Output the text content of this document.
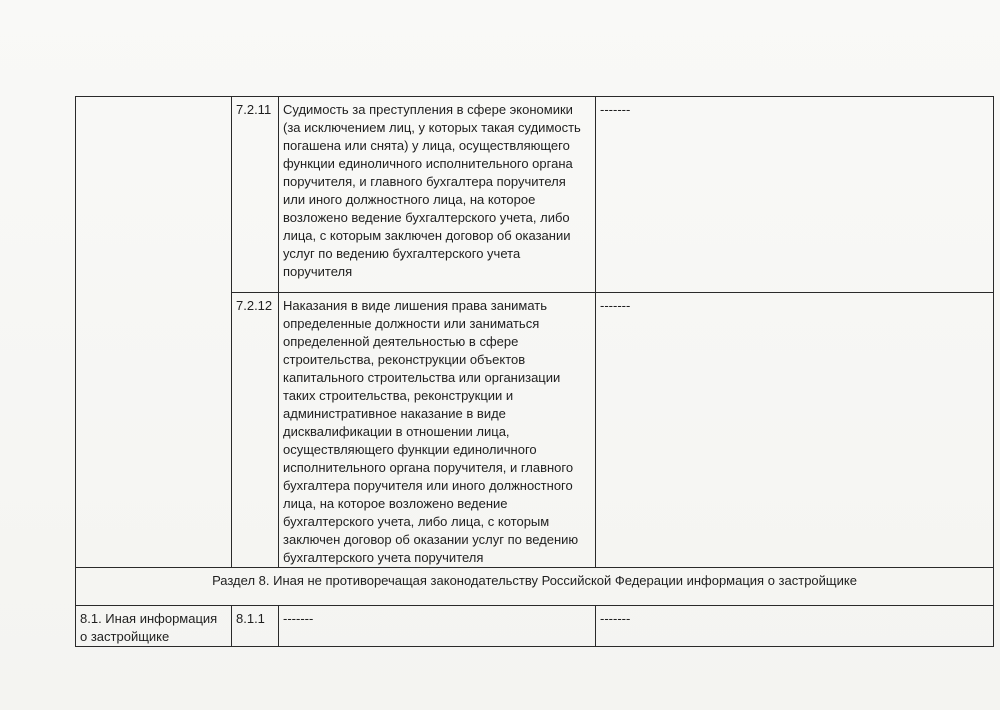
	7.2.11	Судимость за преступления в сфере экономики (за исключением лиц, у которых такая судимость погашена или снята) у лица, осуществляющего функции единоличного исполнительного органа поручителя, и главного бухгалтера поручителя или иного должностного лица, на которое возложено ведение бухгалтерского учета, либо лица, с которым заключен договор об оказании услуг по ведению бухгалтерского учета поручителя	-------
	7.2.12	Наказания в виде лишения права занимать определенные должности или заниматься определенной деятельностью в сфере строительства, реконструкции объектов капитального строительства или организации таких строительства, реконструкции и административное наказание в виде дисквалификации в отношении лица, осуществляющего функции единоличного исполнительного органа поручителя, и главного бухгалтера поручителя или иного должностного лица, на которое возложено ведение бухгалтерского учета, либо лица, с которым заключен договор об оказании услуг по ведению бухгалтерского учета поручителя	-------
Раздел 8. Иная не противоречащая законодательству Российской Федерации информация о застройщике			
8.1. Иная информация о застройщике	8.1.1	-------	-------
